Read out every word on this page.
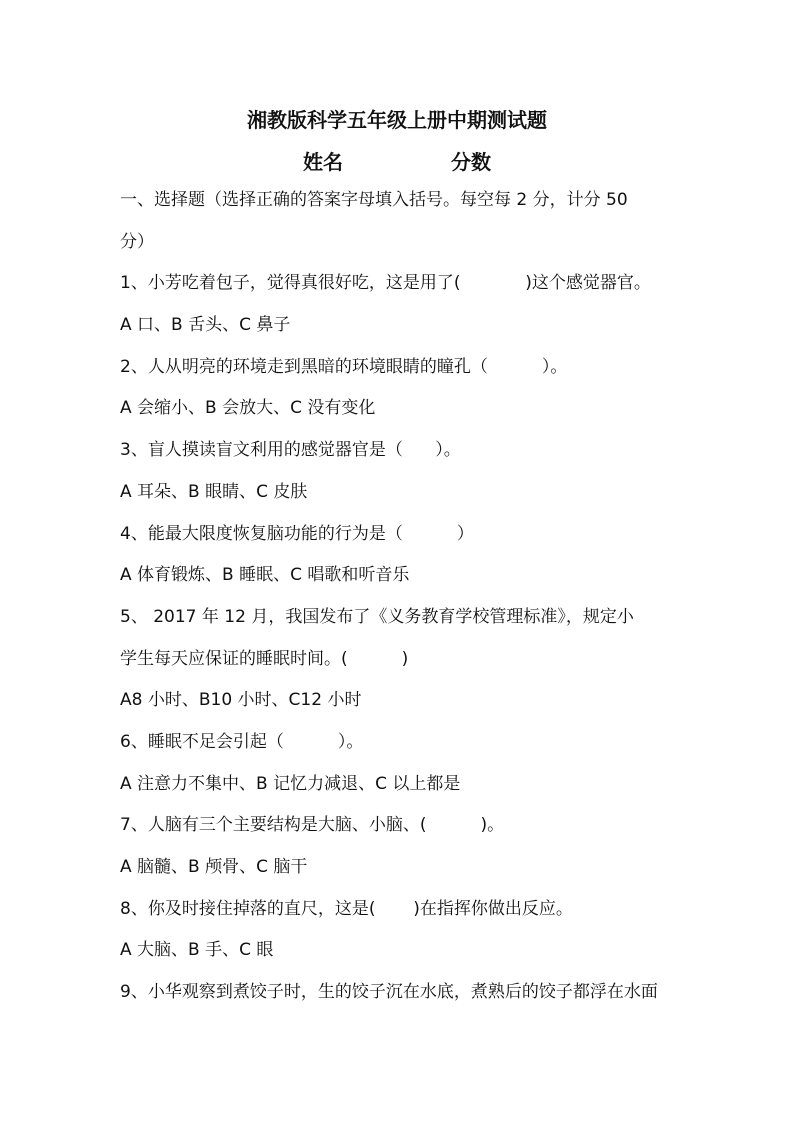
湘教版科学五年级上册中期测试题
姓名	分数
一、选择题（选择正确的答案字母填入括号。每空每 2 分，计分 50
分）
1、小芳吃着包子，觉得真很好吃，这是用了(            )这个感觉器官。
A 口、B 舌头、C 鼻子
2、人从明亮的环境走到黑暗的环境眼睛的瞳孔（          ）。
A 会缩小、B 会放大、C 没有变化
3、盲人摸读盲文利用的感觉器官是（      ）。
A 耳朵、B 眼睛、C 皮肤
4、能最大限度恢复脑功能的行为是（          ）
A 体育锻炼、B 睡眠、C 唱歌和听音乐
5、 2017 年 12 月，我国发布了《义务教育学校管理标准》，规定小
学生每天应保证的睡眠时间。(          )
A8 小时、B10 小时、C12 小时
6、睡眠不足会引起（          ）。
A 注意力不集中、B 记忆力减退、C 以上都是
7、人脑有三个主要结构是大脑、小脑、(          )。
A 脑髓、B 颅骨、C 脑干
8、你及时接住掉落的直尺，这是(       )在指挥你做出反应。
A 大脑、B 手、C 眼
9、小华观察到煮饺子时，生的饺子沉在水底，煮熟后的饺子都浮在水面
